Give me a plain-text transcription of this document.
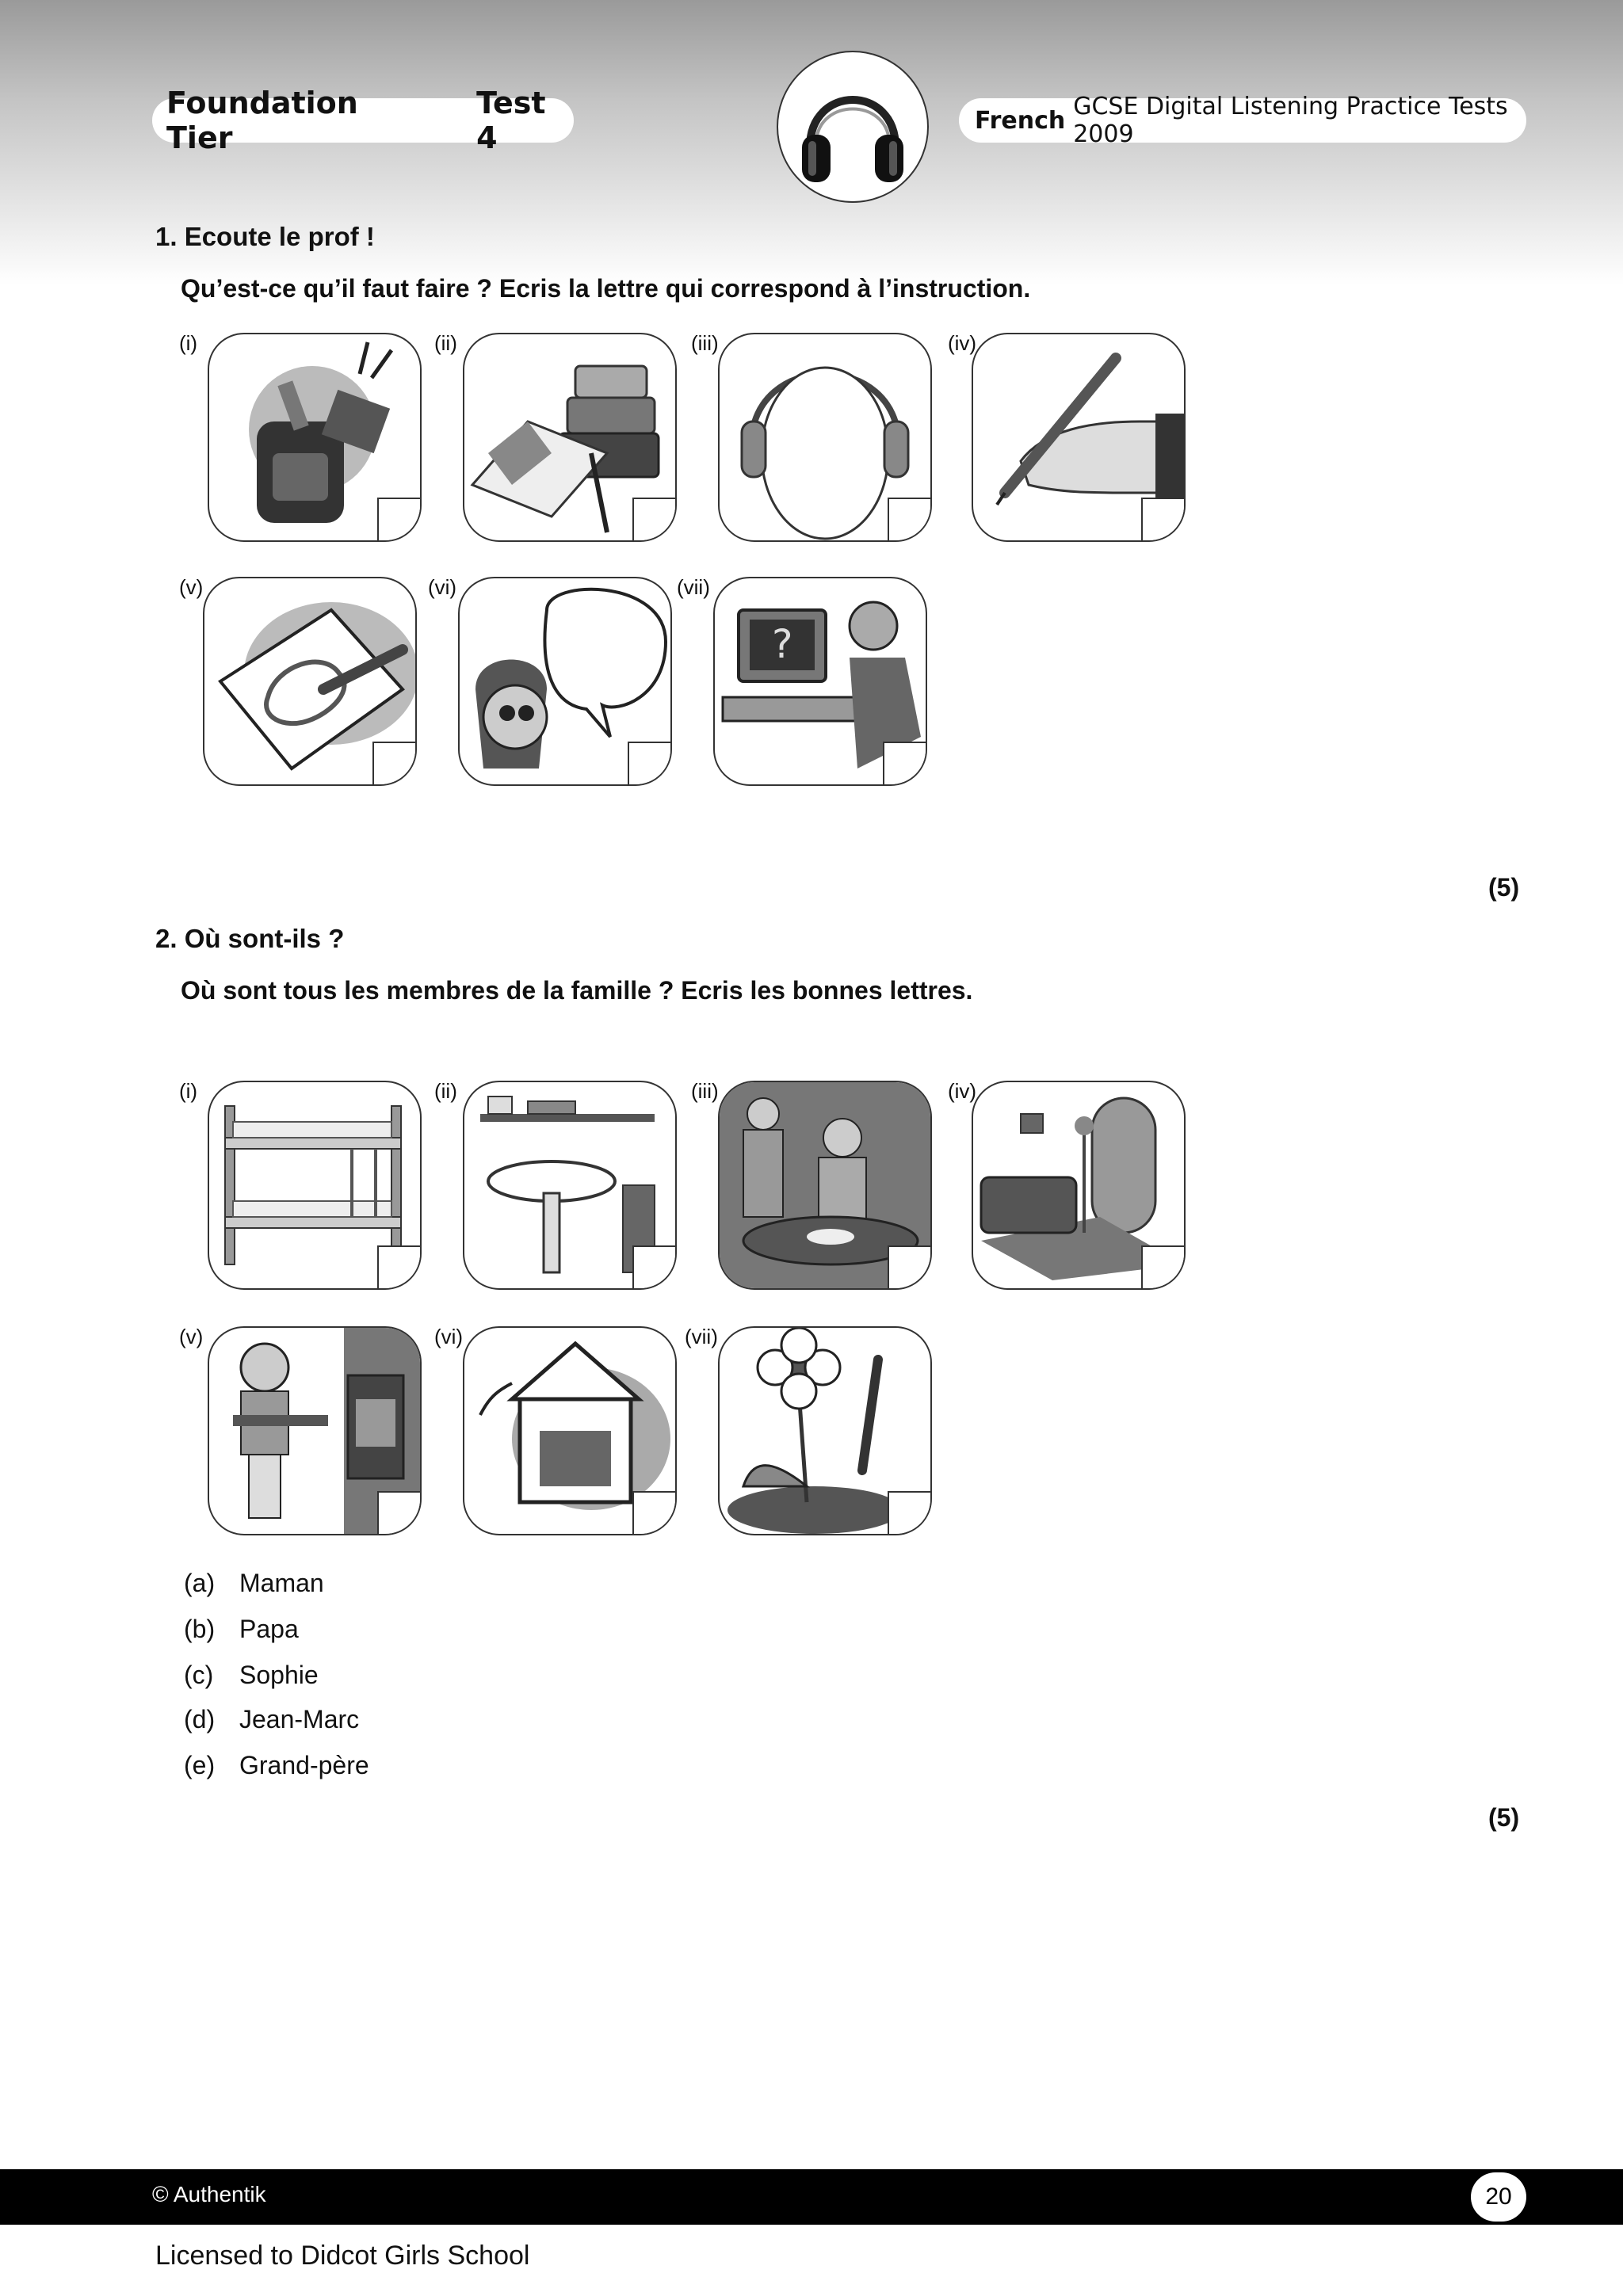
Foundation Tier
Test 4	French GCSE Digital Listening Practice Tests 2009
1. Ecoute le prof !
Qu’est-ce qu’il faut faire ? Ecris la lettre qui correspond à l’instruction.
(i)	(ii)	(iii)	(iv)
(v)	(vi)	(vii)
?
(5)
2. Où sont-ils ?
Où sont tous les membres de la famille ? Ecris les bonnes lettres.
(i)	(ii)	(iii)	(iv)
(v)	(vi)	(vii)
(a) Maman
(b) Papa
(c) Sophie
(d) Jean-Marc
(e) Grand-père
(5)
© Authentik	20
Licensed to Didcot Girls School
